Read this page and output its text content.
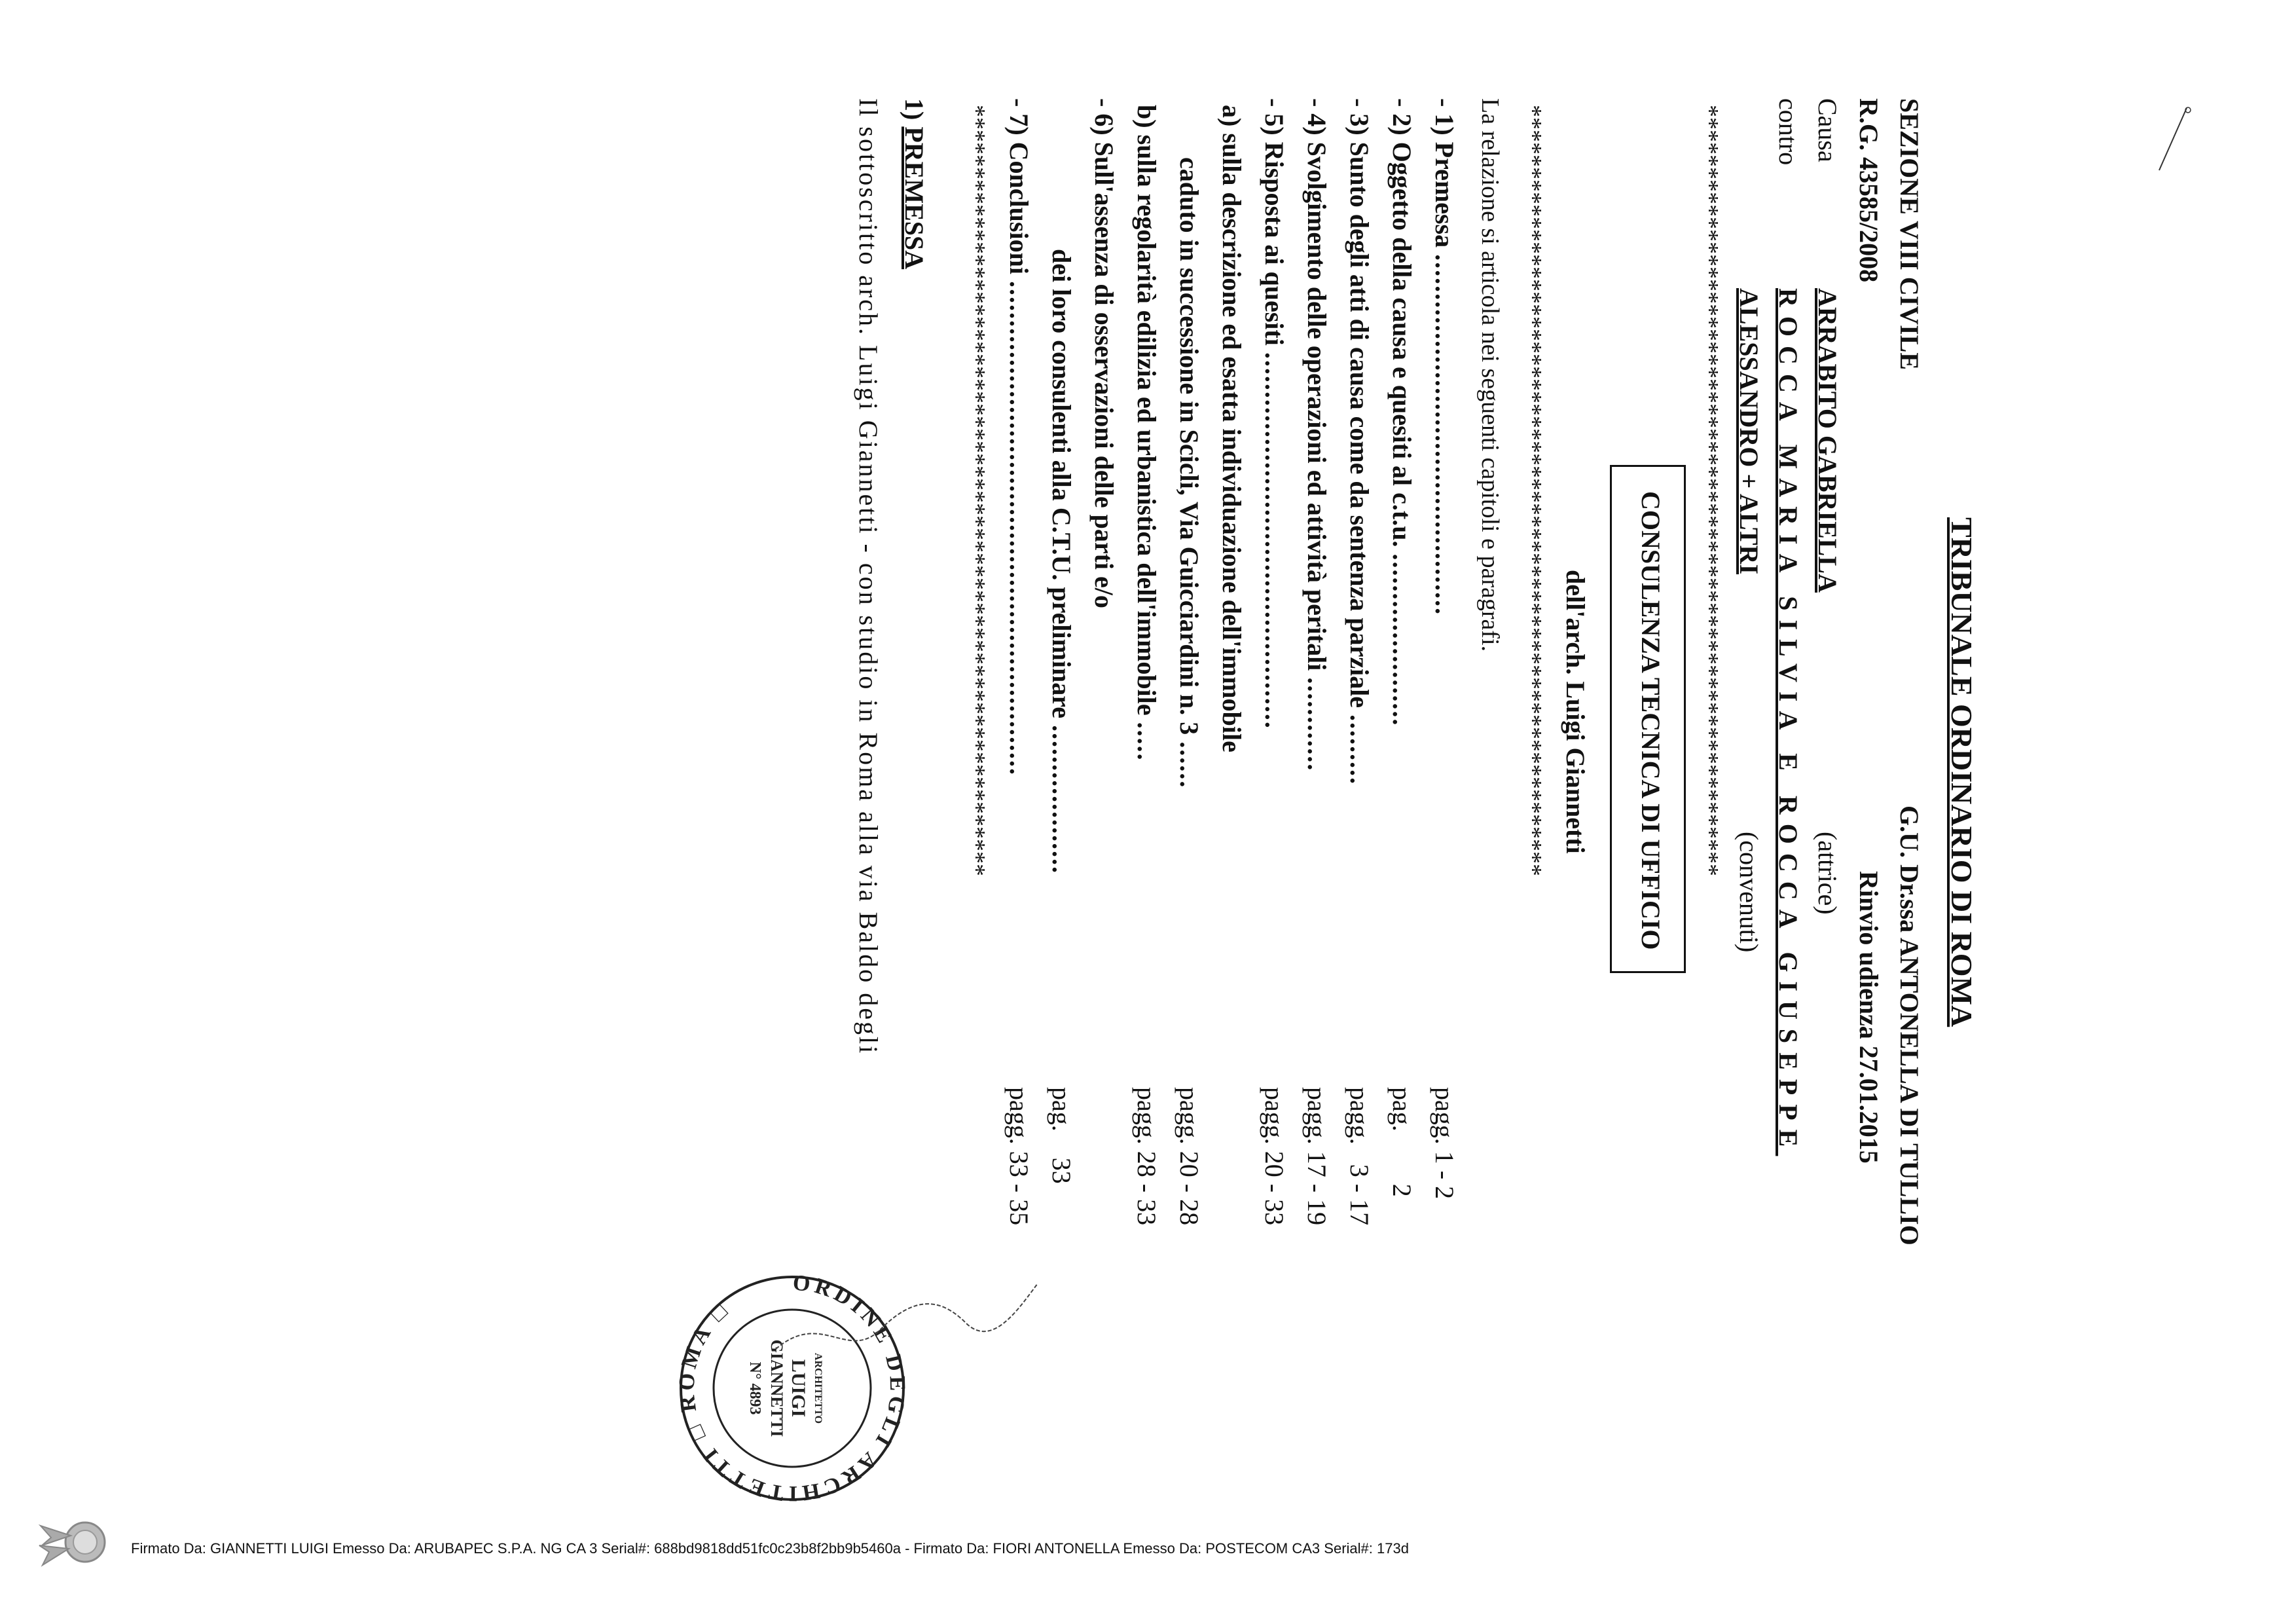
TRIBUNALE ORDINARIO DI ROMA
SEZIONE VIII CIVILE
G.U. Dr.ssa ANTONELLA DI TULLIO
R.G. 43585/2008
Rinvio udienza 27.01.2015
Causa
ARRABITO GABRIELLA
(attrice)
contro
ROCCA MARIA SILVIA E ROCCA GIUSEPPE
ALESSANDRO + ALTRI
(convenuti)
**************************************************************
CONSULENZA TECNICA DI UFFICIO
dell'arch. Luigi Giannetti
**************************************************************
La relazione si articola nei seguenti capitoli e paragrafi.
- 1) Premessa ..............................................
pagg. 1 - 2
- 2) Oggetto della causa e quesiti al c.t.u. ......................
pag.        2
- 3) Sunto degli atti di causa come da sentenza parziale .........
pagg.   3 - 17
- 4) Svolgimento delle operazioni ed attività peritali ............
pagg. 17 - 19
- 5) Risposta ai quesiti ................................................
pagg. 20 - 33
a) sulla descrizione ed esatta individuazione dell'immobile
caduto in successione in Scicli, Via Guicciardini n. 3 ......
pagg. 20 - 28
b) sulla regolarità edilizia ed urbanistica dell'immobile .....
pagg. 28 - 33
- 6) Sull'assenza di osservazioni delle parti e/o
dei loro consulenti alla C.T.U. preliminare ...................
pag.    33
- 7) Conclusioni ...............................................................
pagg. 33 - 35
**************************************************************
1) PREMESSA
Il sottoscritto arch. Luigi Giannetti - con studio in Roma alla via Baldo degli
ORDINE DEGLI ARCHITETTI □ ROMA □
ARCHITETTO
LUIGI
GIANNETTI
N° 4893
Firmato Da: GIANNETTI LUIGI Emesso Da: ARUBAPEC S.P.A. NG CA 3 Serial#: 688bd9818dd51fc0c23b8f2bb9b5460a - Firmato Da: FIORI ANTONELLA Emesso Da: POSTECOM CA3 Serial#: 173d
